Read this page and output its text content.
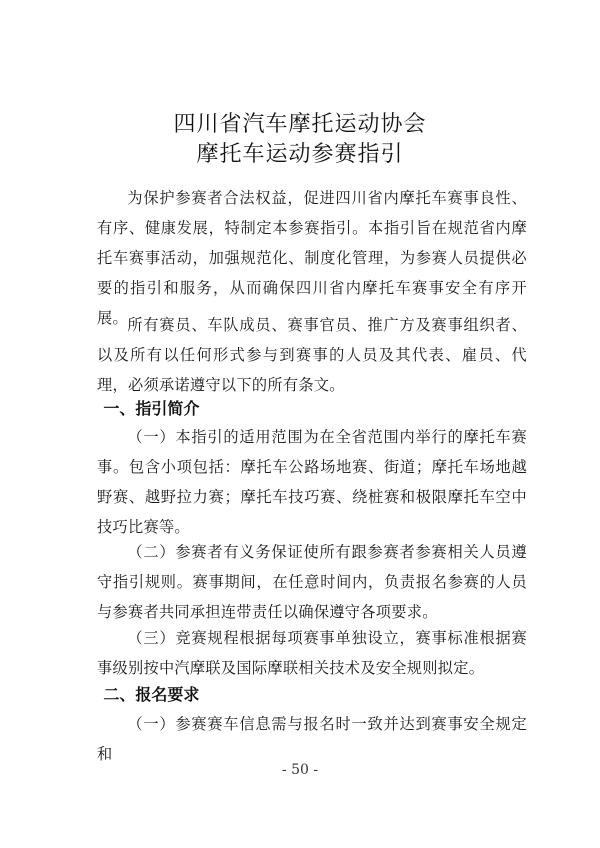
四川省汽车摩托运动协会
摩托车运动参赛指引
为保护参赛者合法权益，促进四川省内摩托车赛事良性、有序、健康发展，特制定本参赛指引。本指引旨在规范省内摩托车赛事活动，加强规范化、制度化管理，为参赛人员提供必要的指引和服务，从而确保四川省内摩托车赛事安全有序开展。 所有赛员、车队成员、赛事官员、推广方及赛事组织者、以及所有以任何形式参与到赛事的人员及其代表、雇员、代理，必须承诺遵守以下的所有条文。
一、指引简介
（一）本指引的适用范围为在全省范围内举行的摩托车赛事。包含小项包括：摩托车公路场地赛、街道；摩托车场地越野赛、越野拉力赛；摩托车技巧赛、绕桩赛和极限摩托车空中技巧比赛等。
（二）参赛者有义务保证使所有跟参赛者参赛相关人员遵守指引规则。赛事期间，在任意时间内，负责报名参赛的人员与参赛者共同承担连带责任以确保遵守各项要求。
（三）竞赛规程根据每项赛事单独设立，赛事标准根据赛事级别按中汽摩联及国际摩联相关技术及安全规则拟定。
二、报名要求
（一）参赛赛车信息需与报名时一致并达到赛事安全规定和
- 50 -
